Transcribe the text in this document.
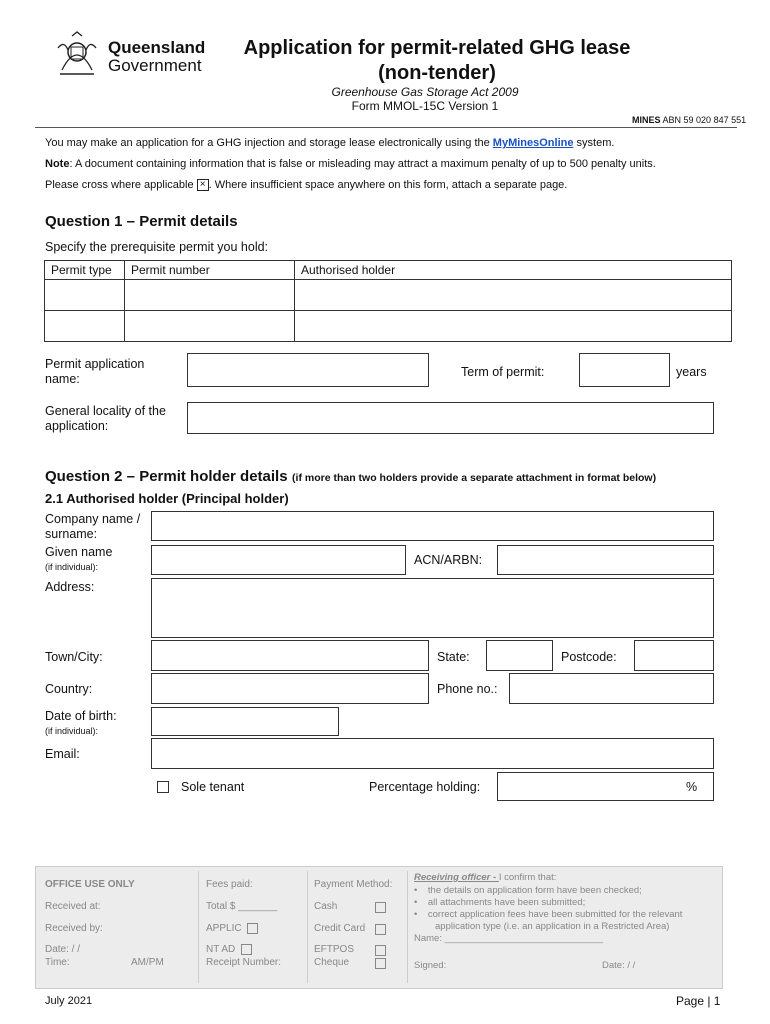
Queensland
Government
Application for permit-related GHG lease
(non-tender)
Greenhouse Gas Storage Act 2009
Form MMOL-15C Version 1
MINES ABN 59 020 847 551
You may make an application for a GHG injection and storage lease electronically using the MyMinesOnline system.
Note: A document containing information that is false or misleading may attract a maximum penalty of up to 500 penalty units.
Please cross where applicable × . Where insufficient space anywhere on this form, attach a separate page.
Question 1 – Permit details
Specify the prerequisite permit you hold:
Permit type	Permit number	Authorised holder

Permit application name:	Term of permit:	years
General locality of the application:
Question 2 – Permit holder details (if more than two holders provide a separate attachment in format below)
2.1 Authorised holder (Principal holder)
Company name /
surname:
Given name
(if individual):	ACN/ARBN:
Address:
Town/City:	State:	Postcode:
Country:	Phone no.:
Date of birth:
(if individual):
Email:
Sole tenant	Percentage holding:	%
OFFICE USE ONLY
Received at:
Received by:
Date: / /
Time:	AM/PM
Fees paid:
Total $ _______
APPLIC
NT AD
Receipt Number:
Payment Method:
Cash
Credit Card
EFTPOS
Cheque
Receiving officer - I confirm that:
•    the details on application form have been checked;
•    all attachments have been submitted;
•    correct application fees have been submitted for the relevant
application type (i.e. an application in a Restricted Area)
Name: ______________________________
Signed:	Date: / /
July 2021	Page | 1
